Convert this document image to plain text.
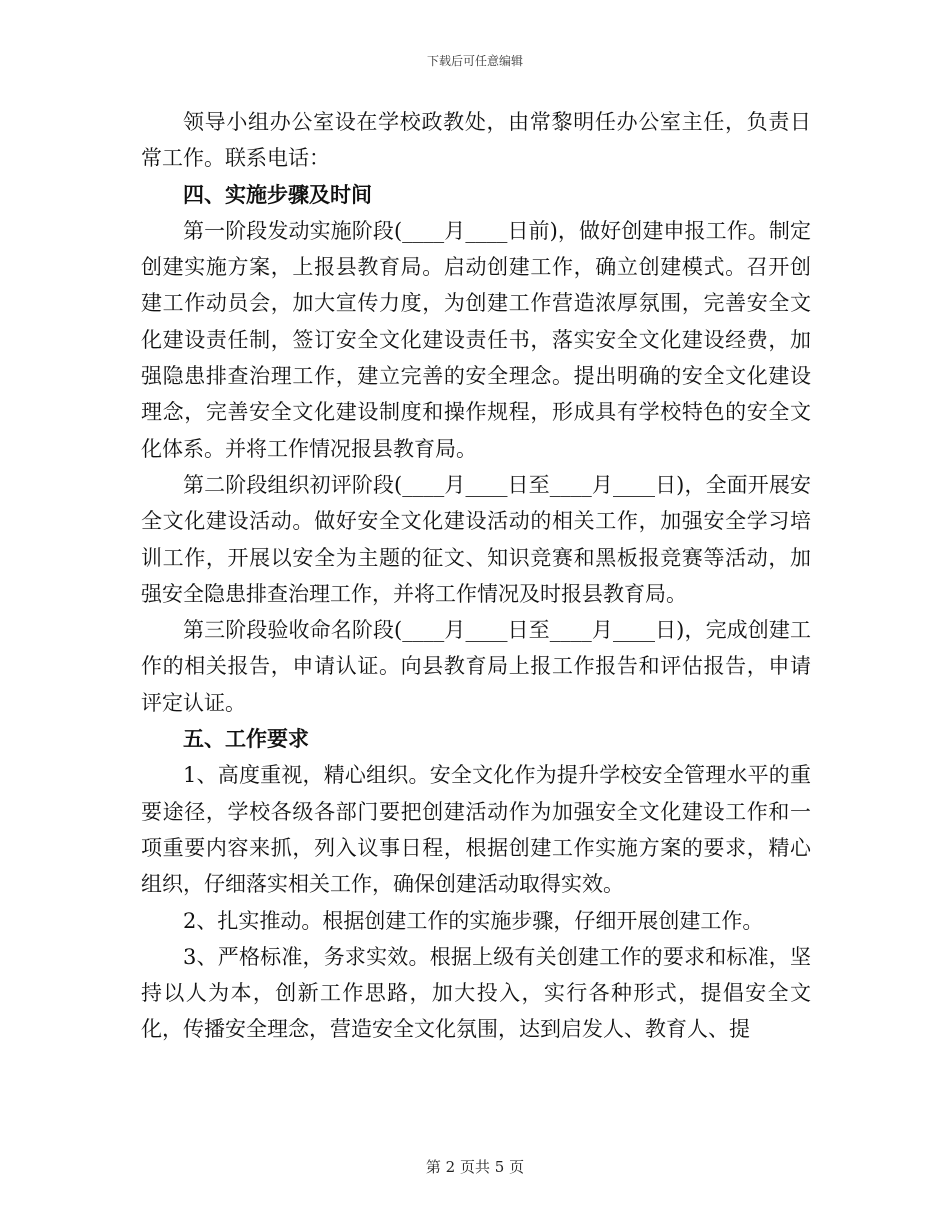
下载后可任意编辑

领导小组办公室设在学校政教处，由常黎明任办公室主任，负责日常工作。联系电话：

四、实施步骤及时间

第一阶段发动实施阶段(____月____日前)，做好创建申报工作。制定创建实施方案，上报县教育局。启动创建工作，确立创建模式。召开创建工作动员会，加大宣传力度，为创建工作营造浓厚氛围，完善安全文化建设责任制，签订安全文化建设责任书，落实安全文化建设经费，加强隐患排查治理工作，建立完善的安全理念。提出明确的安全文化建设理念，完善安全文化建设制度和操作规程，形成具有学校特色的安全文化体系。并将工作情况报县教育局。

第二阶段组织初评阶段(____月____日至____月____日)，全面开展安全文化建设活动。做好安全文化建设活动的相关工作，加强安全学习培训工作，开展以安全为主题的征文、知识竞赛和黑板报竞赛等活动，加强安全隐患排查治理工作，并将工作情况及时报县教育局。

第三阶段验收命名阶段(____月____日至____月____日)，完成创建工作的相关报告，申请认证。向县教育局上报工作报告和评估报告，申请评定认证。

五、工作要求

1、高度重视，精心组织。安全文化作为提升学校安全管理水平的重要途径，学校各级各部门要把创建活动作为加强安全文化建设工作和一项重要内容来抓，列入议事日程，根据创建工作实施方案的要求，精心组织，仔细落实相关工作，确保创建活动取得实效。

2、扎实推动。根据创建工作的实施步骤，仔细开展创建工作。

3、严格标准，务求实效。根据上级有关创建工作的要求和标准，坚持以人为本，创新工作思路，加大投入，实行各种形式，提倡安全文化，传播安全理念，营造安全文化氛围，达到启发人、教育人、提

第 2 页共 5 页
